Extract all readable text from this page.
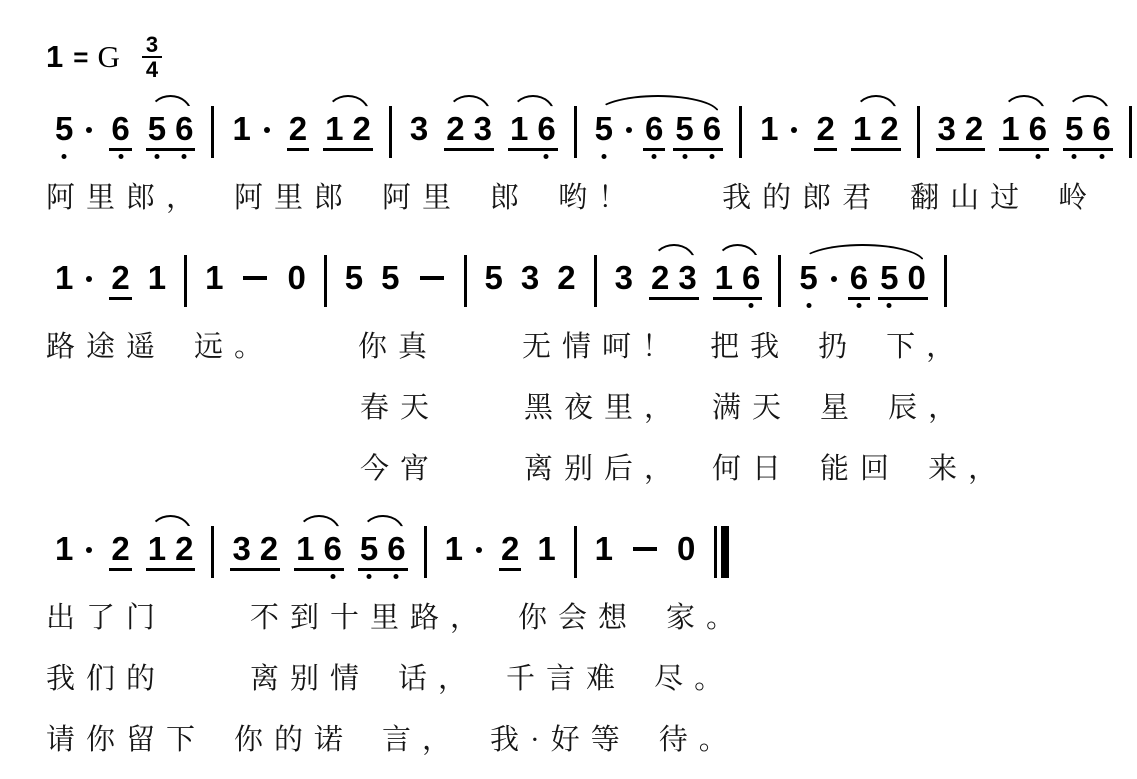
1 = G $\frac{3}{4}$
5 6 5 6 1 2 1 2 3 2 3 1 6 5 6 5 6 1 2 1 2 3 2 1 6 5 6
阿里郎， 阿里郎 阿里 郎 哟！	我的郎君 翻山过 岭
1 2 1 1 0 5 5	5 3 2 3 2 3 1 6 5 6 5 0
路途遥 远。	你真	无情呵！ 把我 扔 下，
春天	黑夜里， 满天 星 辰，
今宵	离别后， 何日 能回 来，
1 2 1 2 3 2 1 6 5 6 1 2 1 1 0
出了门	不到十里路， 你会想 家。
我们的	离别情 话， 千言难 尽。
请你留下 你的诺 言， 我·好等 待。
